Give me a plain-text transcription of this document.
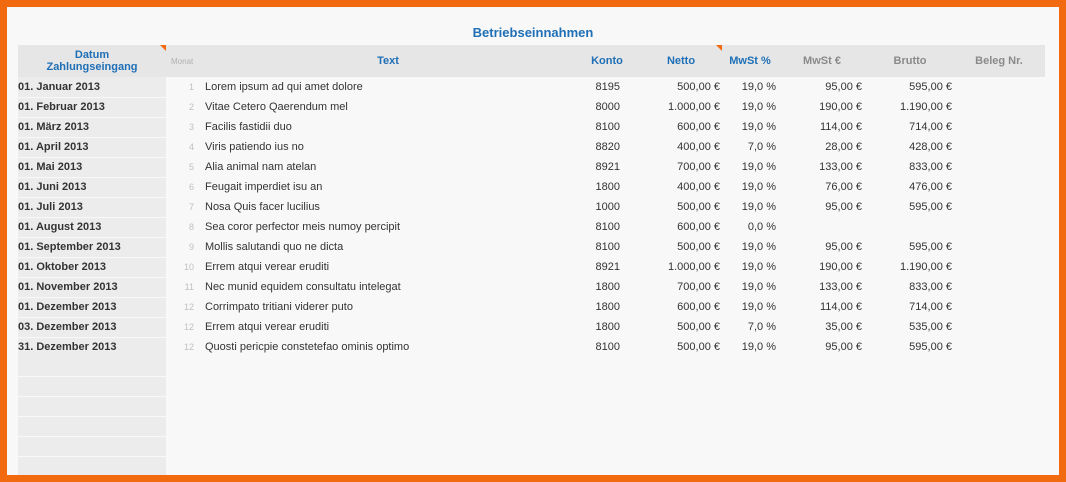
Betriebseinnahmen
Datum
Zahlungseingang	Monat	Text	Konto	Netto	MwSt %	MwSt €	Brutto	Beleg Nr.
01. Januar 2013	1 Lorem ipsum ad qui amet dolore	8195	500,00 €	19,0 %	95,00 €	595,00 €
01. Februar 2013	2 Vitae Cetero Qaerendum mel	8000	1.000,00 €	19,0 %	190,00 €	1.190,00 €
01. März 2013	3 Facilis fastidii duo	8100	600,00 €	19,0 %	114,00 €	714,00 €
01. April 2013	4 Viris patiendo ius no	8820	400,00 €	7,0 %	28,00 €	428,00 €
01. Mai 2013	5 Alia animal nam atelan	8921	700,00 €	19,0 %	133,00 €	833,00 €
01. Juni 2013	6 Feugait imperdiet isu an	1800	400,00 €	19,0 %	76,00 €	476,00 €
01. Juli 2013	7 Nosa Quis facer lucilius	1000	500,00 €	19,0 %	95,00 €	595,00 €
01. August 2013	8 Sea coror perfector meis numoy percipit	8100	600,00 €	0,0 %
01. September 2013	9 Mollis salutandi quo ne dicta	8100	500,00 €	19,0 %	95,00 €	595,00 €
01. Oktober 2013	10 Errem atqui verear eruditi	8921	1.000,00 €	19,0 %	190,00 €	1.190,00 €
01. November 2013	11 Nec munid equidem consultatu intelegat	1800	700,00 €	19,0 %	133,00 €	833,00 €
01. Dezember 2013	12 Corrimpato tritiani viderer puto	1800	600,00 €	19,0 %	114,00 €	714,00 €
03. Dezember 2013	12 Errem atqui verear eruditi	1800	500,00 €	7,0 %	35,00 €	535,00 €
31. Dezember 2013	12 Quosti pericpie constetefao ominis optimo	8100	500,00 €	19,0 %	95,00 €	595,00 €
